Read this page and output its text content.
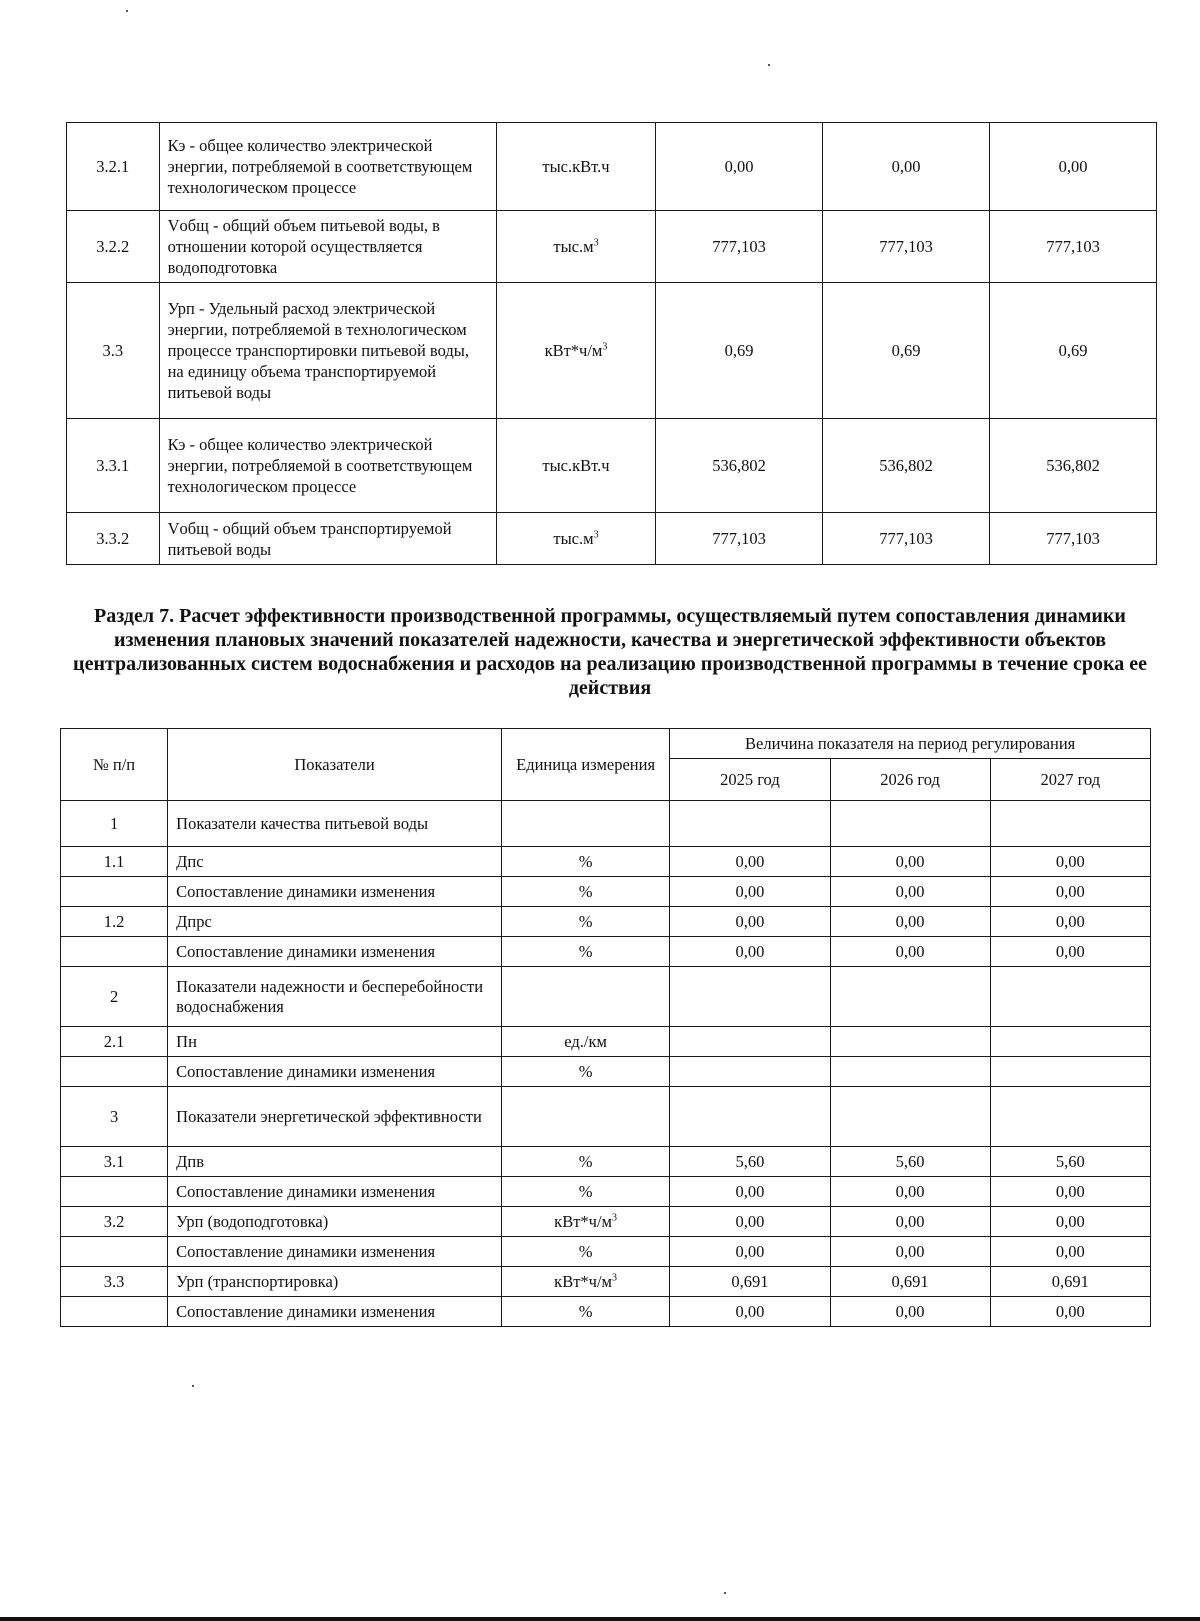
3.2.1	Кэ - общее количество электрической энергии, потребляемой в соответствующем технологическом процессе	тыс.кВт.ч	0,00	0,00	0,00
3.2.2	Vобщ - общий объем питьевой воды, в отношении которой осуществляется водоподготовка	$тыс.м^3$	777,103	777,103	777,103
3.3	Урп - Удельный расход электрической энергии, потребляемой в технологическом процессе транспортировки питьевой воды, на единицу объема транспортируемой питьевой воды	$кВт*ч/м^3$	0,69	0,69	0,69
3.3.1	Кэ - общее количество электрической энергии, потребляемой в соответствующем технологическом процессе	тыс.кВт.ч	536,802	536,802	536,802
3.3.2	Vобщ - общий объем транспортируемой питьевой воды	$тыс.м^3$	777,103	777,103	777,103
Раздел 7. Расчет эффективности производственной программы, осуществляемый путем сопоставления динамики изменения плановых значений показателей надежности, качества и энергетической эффективности объектов централизованных систем водоснабжения и расходов на реализацию производственной программы в течение срока ее действия
№ п/п	Показатели	Единица измерения	Величина показателя на период регулирования		
			2025 год	2026 год	2027 год
1	Показатели качества питьевой воды				
1.1	Дпс	%	0,00	0,00	0,00
	Сопоставление динамики изменения	%	0,00	0,00	0,00
1.2	Дпрс	%	0,00	0,00	0,00
	Сопоставление динамики изменения	%	0,00	0,00	0,00
2	Показатели надежности и бесперебойности водоснабжения				
2.1	Пн	ед./км			
	Сопоставление динамики изменения	%			
3	Показатели энергетической эффективности				
3.1	Дпв	%	5,60	5,60	5,60
	Сопоставление динамики изменения	%	0,00	0,00	0,00
3.2	Урп (водоподготовка)	$кВт*ч/м^3$	0,00	0,00	0,00
	Сопоставление динамики изменения	%	0,00	0,00	0,00
3.3	Урп (транспортировка)	$кВт*ч/м^3$	0,691	0,691	0,691
	Сопоставление динамики изменения	%	0,00	0,00	0,00
